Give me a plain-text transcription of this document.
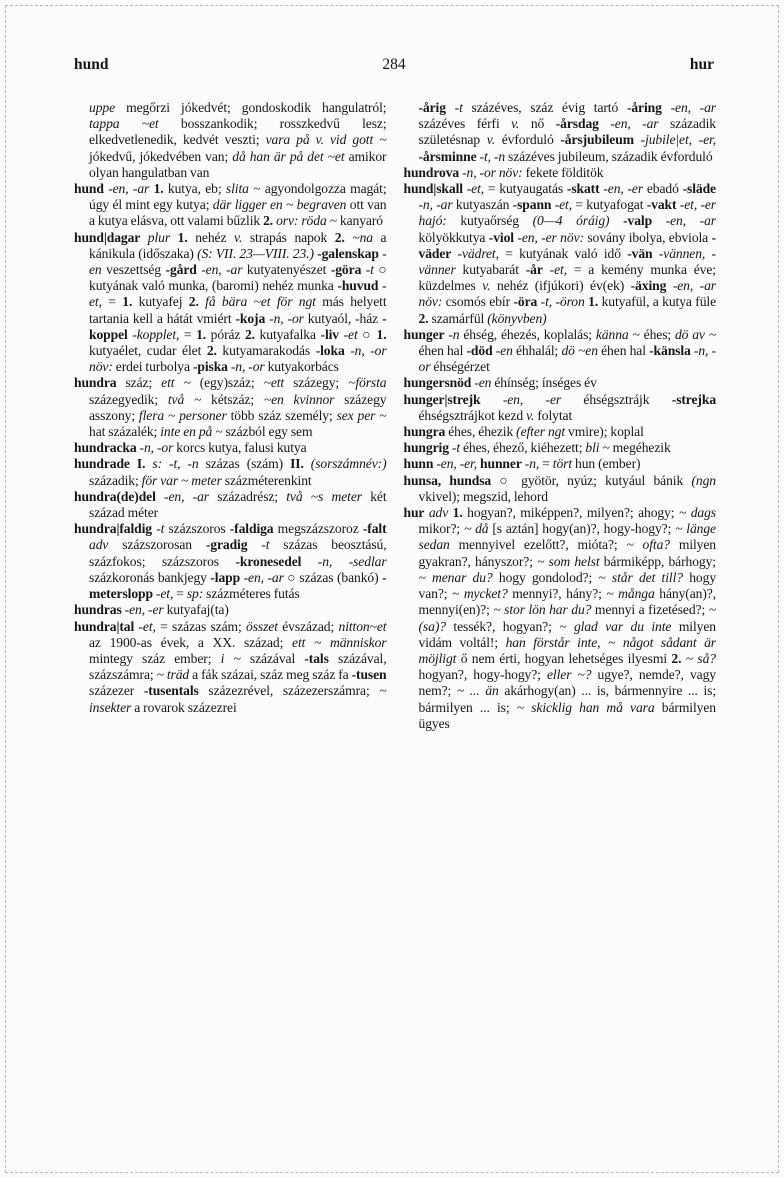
hund	284	hur

uppe megőrzi jókedvét; gondoskodik hangulatról; tappa ~et bosszankodik; rosszkedvű lesz; elkedvetlenedik, kedvét veszti; vara på v. vid gott ~ jókedvű, jókedvében van; då han är på det ~et amikor olyan hangulatban van

hund -en, -ar 1. kutya, eb; slita ~ agyondolgozza magát; úgy él mint egy kutya; där ligger en ~ begraven ott van a kutya elásva, ott valami bűzlik 2. orv: röda ~ kanyaró

hund|dagar plur 1. nehéz v. strapás napok 2. ~na a kánikula (időszaka) (S: VII. 23—VIII. 23.) -galenskap -en veszettség -gård -en, -ar kutyatenyészet -göra -t ○ kutyának való munka, (baromi) nehéz munka -huvud -et, = 1. kutyafej 2. få bära ~et för ngt más helyett tartania kell a hátát vmiért -koja -n, -or kutyaól, -ház -koppel -kopplet, = 1. póráz 2. kutyafalka -liv -et ○ 1. kutyaélet, cudar élet 2. kutyamarakodás -loka -n, -or növ: erdei turbolya -piska -n, -or kutyakorbács

hundra száz; ett ~ (egy)száz; ~ett százegy; ~första százegyedik; två ~ kétszáz; ~en kvinnor százegy asszony; flera ~ personer több száz személy; sex per ~ hat százalék; inte en på ~ százból egy sem

hundracka -n, -or korcs kutya, falusi kutya

hundrade I. s: -t, -n százas (szám) II. (sorszámnév:) századik; för var ~ meter százméterenkint

hundra(de)del -en, -ar századrész; två ~s meter két század méter

hundra|faldig -t százszoros -faldiga megszázszoroz -falt adv százszorosan -gradig -t százas beosztású, százfokos; százszoros -kronesedel -n, -sedlar százkoronás bankjegy -lapp -en, -ar ○ százas (bankó) -meterslopp -et, = sp: százméteres futás

hundras -en, -er kutyafaj(ta)

hundra|tal -et, = százas szám; összet évszázad; nitton~et az 1900-as évek, a XX. század; ett ~ människor mintegy száz ember; i ~ százával -tals százával, százszámra; ~ träd a fák százai, száz meg száz fa -tusen százezer -tusentals százezrével, százezerszámra; ~ insekter a rovarok százezrei

-årig -t százéves, száz évig tartó -åring -en, -ar százéves férfi v. nő -årsdag -en, -ar századik születésnap v. évforduló -årsjubileum -jubile|et, -er, -årsminne -t, -n százéves jubileum, századik évforduló

hundrova -n, -or növ: fekete földitök

hund|skall -et, = kutyaugatás -skatt -en, -er ebadó -släde -n, -ar kutyaszán -spann -et, = kutyafogat -vakt -et, -er hajó: kutyaőrség (0—4 óráig) -valp -en, -ar kölyökkutya -viol -en, -er növ: sovány ibolya, ebviola -väder -vädret, = kutyának való idő -vän -vännen, -vänner kutyabarát -år -et, = a kemény munka éve; küzdelmes v. nehéz (ifjúkori) év(ek) -äxing -en, -ar növ: csomós ebír -öra -t, -öron 1. kutyafül, a kutya füle 2. szamárfül (könyvben)

hunger -n éhség, éhezés, koplalás; känna ~ éhes; dö av ~ éhen hal -död -en éhhalál; dö ~en éhen hal -känsla -n, -or éhségérzet

hungersnöd -en éhínség; ínséges év

hunger|strejk -en, -er éhségsztrájk -strejka éhségsztrájkot kezd v. folytat

hungra éhes, éhezik (efter ngt vmire); koplal

hungrig -t éhes, éhező, kiéhezett; bli ~ megéhezik

hunn -en, -er, hunner -n, = tört hun (ember)

hunsa, hundsa ○ gyötör, nyúz; kutyául bánik (ngn vkivel); megszid, lehord

hur adv 1. hogyan?, miképpen?, milyen?; ahogy; ~ dags mikor?; ~ då [s aztán] hogy(an)?, hogy-hogy?; ~ länge sedan mennyivel ezelőtt?, mióta?; ~ ofta? milyen gyakran?, hányszor?; ~ som helst bármiképp, bárhogy; ~ menar du? hogy gondolod?; ~ står det till? hogy van?; ~ mycket? mennyi?, hány?; ~ många hány(an)?, mennyi(en)?; ~ stor lön har du? mennyi a fizetésed?; ~ (sa)? tessék?, hogyan?; ~ glad var du inte milyen vidám voltál!; han förstår inte, ~ något sådant är möjligt ő nem érti, hogyan lehetséges ilyesmi 2. ~ så? hogyan?, hogy-hogy?; eller ~? ugye?, nemde?, vagy nem?; ~ ... än akárhogy(an) ... is, bármennyire ... is; bármilyen ... is; ~ skicklig han må vara bármilyen ügyes
